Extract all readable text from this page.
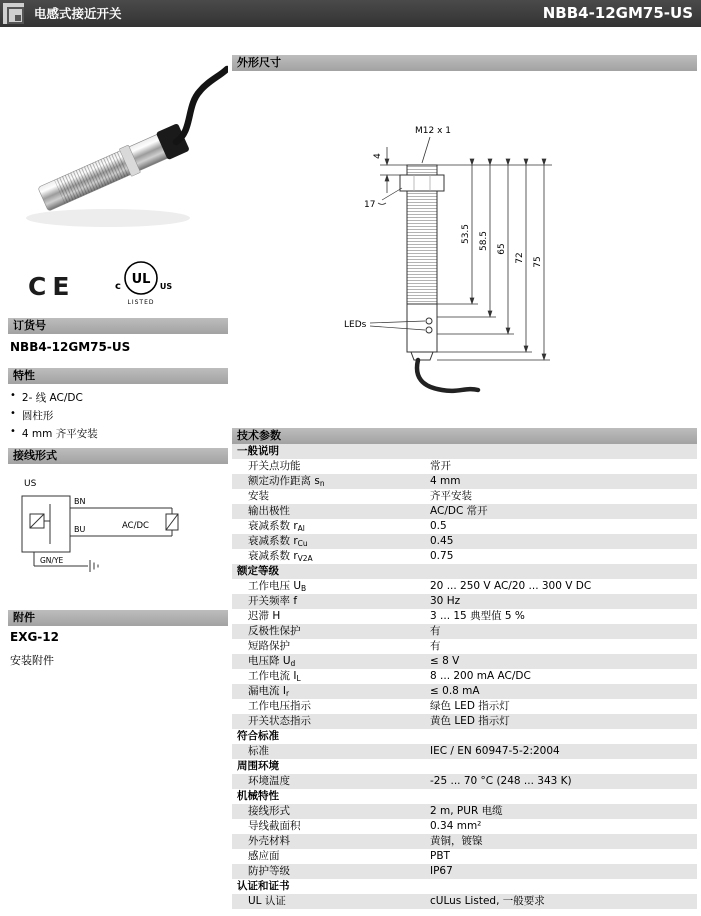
电感式接近开关	NBB4-12GM75-US
CE	UL
c	US
LISTED
订货号
NBB4-12GM75-US
特性
• 2- 线 AC/DC
• 圆柱形
• 4 mm 齐平安装
接线形式
US
BN
BU	AC/DC
GN/YE
附件
EXG-12
安装附件
外形尺寸
M12 x 1
4
17
LEDs
53.5 58.5 65
72 75
技术参数
一般说明
开关点功能	常开
额定动作距离 $s_n$	4 mm
安装	齐平安装
输出极性	AC/DC 常开
衰减系数 $r_{Al}$	0.5
衰减系数 $r_{Cu}$	0.45
衰减系数 $r_{V2A}$	0.75
额定等级
工作电压 $U_B$	20 ... 250 V AC/20 ... 300 V DC
开关频率 f	30 Hz
迟滞 H	3 ... 15 典型值 5 %
反极性保护	有
短路保护	有
电压降 $U_d$	≤ 8 V
工作电流 $I_L$	8 ... 200 mA AC/DC
漏电流 $I_r$	≤ 0.8 mA
工作电压指示	绿色 LED 指示灯
开关状态指示	黄色 LED 指示灯
符合标准
标准	IEC / EN 60947-5-2:2004
周围环境
环境温度	-25 ... 70 °C (248 ... 343 K)
机械特性
接线形式	2 m, PUR 电缆
导线截面积	0.34 mm²
外壳材料	黄铜，镀镍
感应面	PBT
防护等级	IP67
认证和证书
UL 认证	cULus Listed, 一般要求
